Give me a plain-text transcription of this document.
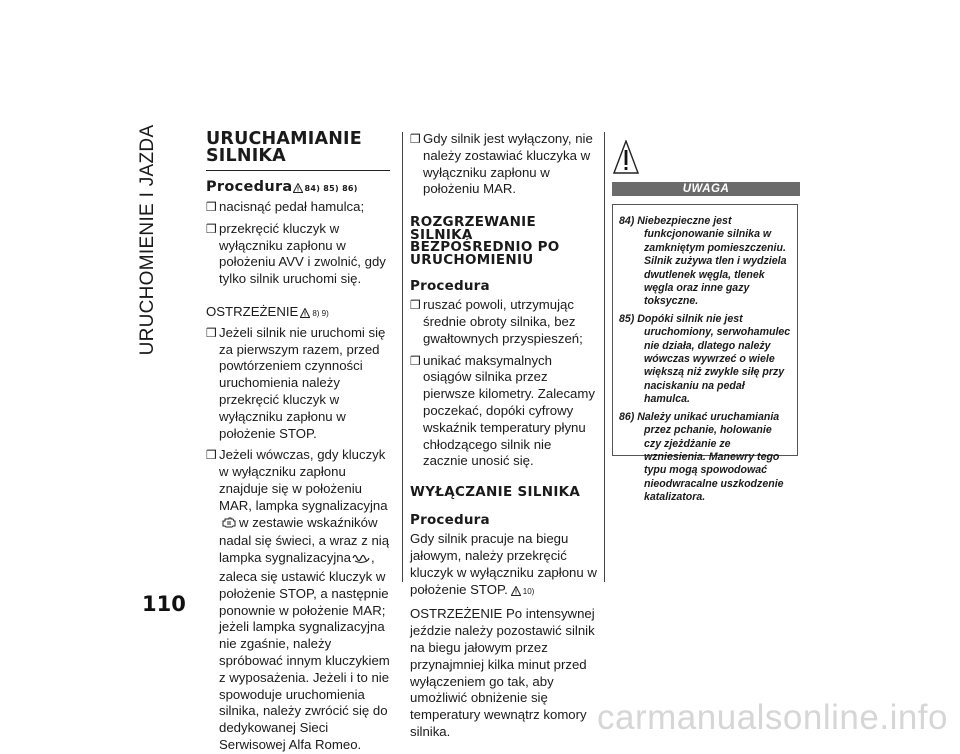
URUCHOMIENIE I JAZDA	URUCHAMIANIE SILNIKA
Procedura 84) 85) 86)

❒ nacisnąć pedał hamulca;

❒ przekręcić kluczyk w wyłączniku zapłonu w położeniu AVV i zwolnić, gdy tylko silnik uruchomi się.

OSTRZEŻENIE 8) 9)

❒ Jeżeli silnik nie uruchomi się za pierwszym razem, przed powtórzeniem czynności uruchomienia należy przekręcić kluczyk w wyłączniku zapłonu w położenie STOP.

❒ Jeżeli wówczas, gdy kluczyk w wyłączniku zapłonu znajduje się w położeniu MAR, lampka sygnalizacyjnaw zestawie wskaźników nadal się świeci, a wraz z nią lampka sygnalizacyjna , zaleca się ustawić kluczyk w położenie STOP, a następnie ponownie w położenie MAR; jeżeli lampka sygnalizacyjna nie zgaśnie, należy spróbować innym kluczykiem z wyposażenia. Jeżeli i to nie spowoduje uruchomienia silnika, należy zwrócić się do dedykowanej Sieci Serwisowej Alfa Romeo.

❒ Gdy silnik jest wyłączony, nie należy zostawiać kluczyka w wyłączniku zapłonu w położeniu MAR.

ROZGRZEWANIE SILNIKA BEZPOŚREDNIO PO URUCHOMIENIU
Procedura

❒ ruszać powoli, utrzymując średnie obroty silnika, bez gwałtownych przyspieszeń;

❒ unikać maksymalnych osiągów silnika przez pierwsze kilometry. Zalecamy poczekać, dopóki cyfrowy wskaźnik temperatury płynu chłodzącego silnik nie zacznie unosić się.

WYŁĄCZANIE SILNIKA
Procedura

Gdy silnik pracuje na biegu jałowym, należy przekręcić kluczyk w wyłączniku zapłonu w położenie STOP. 10)

OSTRZEŻENIE Po intensywnej jeździe należy pozostawić silnik na biegu jałowym przez przynajmniej kilka minut przed wyłączeniem go tak, aby umożliwić obniżenie się temperatury wewnątrz komory silnika.

UWAGA

84) Niebezpieczne jest
funkcjonowanie silnika w zamkniętym pomieszczeniu. Silnik zużywa tlen i wydziela dwutlenek węgla, tlenek węgla oraz inne gazy toksyczne.

85) Dopóki silnik nie jest
uruchomiony, serwohamulec nie działa, dlatego należy wówczas wywrzeć o wiele większą niż zwykle siłę przy naciskaniu na pedał hamulca.

86) Należy unikać uruchamiania
przez pchanie, holowanie czy zjeżdżanie ze wzniesienia. Manewry tego typu mogą spowodować nieodwracalne uszkodzenie katalizatora.

110
carmanualsonline.info
